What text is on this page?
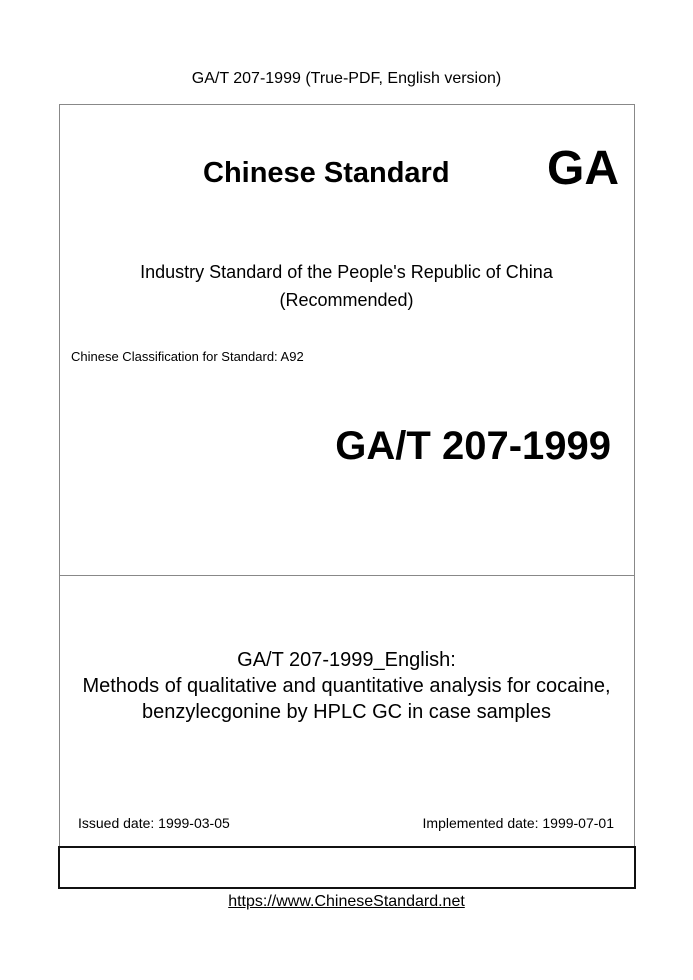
GA/T 207-1999 (True-PDF, English version)
Chinese Standard GA
Industry Standard of the People's Republic of China
(Recommended)
Chinese Classification for Standard: A92
GA/T 207-1999
GA/T 207-1999_English:
Methods of qualitative and quantitative analysis for cocaine,
benzylecgonine by HPLC GC in case samples
Issued date: 1999-03-05	Implemented date: 1999-07-01
https://www.ChineseStandard.net
